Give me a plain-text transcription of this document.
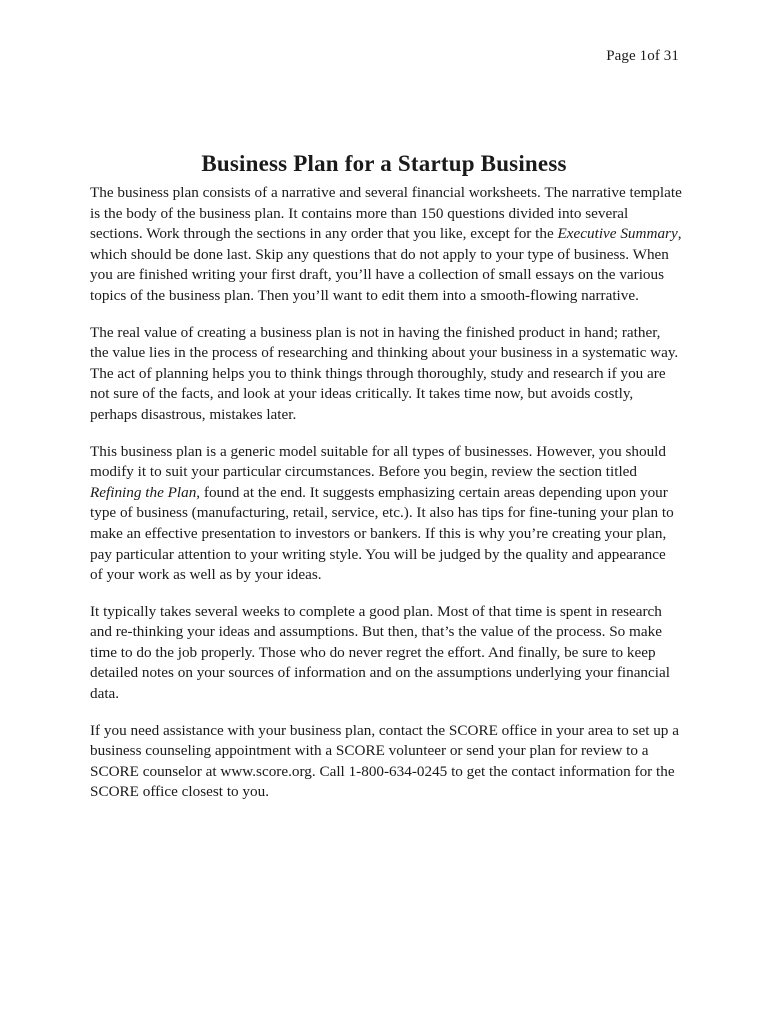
Page 1of 31
Business Plan for a Startup Business

The business plan consists of a narrative and several financial worksheets. The narrative template is the body of the business plan. It contains more than 150 questions divided into several sections. Work through the sections in any order that you like, except for the Executive Summary, which should be done last. Skip any questions that do not apply to your type of business. When you are finished writing your first draft, you’ll have a collection of small essays on the various topics of the business plan. Then you’ll want to edit them into a smooth-flowing narrative.

The real value of creating a business plan is not in having the finished product in hand; rather, the value lies in the process of researching and thinking about your business in a systematic way. The act of planning helps you to think things through thoroughly, study and research if you are not sure of the facts, and look at your ideas critically. It takes time now, but avoids costly, perhaps disastrous, mistakes later.

This business plan is a generic model suitable for all types of businesses. However, you should modify it to suit your particular circumstances. Before you begin, review the section titled Refining the Plan, found at the end. It suggests emphasizing certain areas depending upon your type of business (manufacturing, retail, service, etc.). It also has tips for fine-tuning your plan to make an effective presentation to investors or bankers. If this is why you’re creating your plan, pay particular attention to your writing style. You will be judged by the quality and appearance of your work as well as by your ideas.

It typically takes several weeks to complete a good plan. Most of that time is spent in research and re-thinking your ideas and assumptions. But then, that’s the value of the process. So make time to do the job properly. Those who do never regret the effort. And finally, be sure to keep detailed notes on your sources of information and on the assumptions underlying your financial data.

If you need assistance with your business plan, contact the SCORE office in your area to set up a business counseling appointment with a SCORE volunteer or send your plan for review to a SCORE counselor at www.score.org. Call 1-800-634-0245 to get the contact information for the SCORE office closest to you.
